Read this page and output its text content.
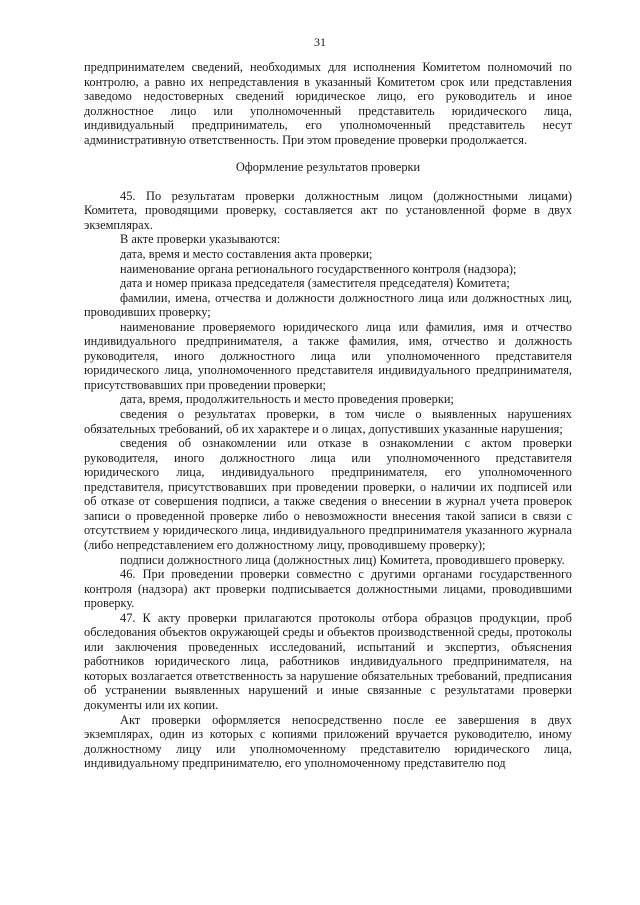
31

предпринимателем сведений, необходимых для исполнения Комитетом полномочий по контролю, а равно их непредставления в указанный Комитетом срок или представления заведомо недостоверных сведений юридическое лицо, его руководитель и иное должностное лицо или уполномоченный представитель юридического лица, индивидуальный предприниматель, его уполномоченный представитель несут административную ответственность. При этом проведение проверки продолжается.

Оформление результатов проверки

45. По результатам проверки должностным лицом (должностными лицами) Комитета, проводящими проверку, составляется акт по установленной форме в двух экземплярах.

В акте проверки указываются:

дата, время и место составления акта проверки;

наименование органа регионального государственного контроля (надзора);

дата и номер приказа председателя (заместителя председателя) Комитета;

фамилии, имена, отчества и должности должностного лица или должностных лиц, проводивших проверку;

наименование проверяемого юридического лица или фамилия, имя и отчество индивидуального предпринимателя, а также фамилия, имя, отчество и должность руководителя, иного должностного лица или уполномоченного представителя юридического лица, уполномоченного представителя индивидуального предпринимателя, присутствовавших при проведении проверки;

дата, время, продолжительность и место проведения проверки;

сведения о результатах проверки, в том числе о выявленных нарушениях обязательных требований, об их характере и о лицах, допустивших указанные нарушения;

сведения об ознакомлении или отказе в ознакомлении с актом проверки руководителя, иного должностного лица или уполномоченного представителя юридического лица, индивидуального предпринимателя, его уполномоченного представителя, присутствовавших при проведении проверки, о наличии их подписей или об отказе от совершения подписи, а также сведения о внесении в журнал учета проверок записи о проведенной проверке либо о невозможности внесения такой записи в связи с отсутствием у юридического лица, индивидуального предпринимателя указанного журнала (либо непредставлением его должностному лицу, проводившему проверку);

подписи должностного лица (должностных лиц) Комитета, проводившего проверку.

46. При проведении проверки совместно с другими органами государственного контроля (надзора) акт проверки подписывается должностными лицами, проводившими проверку.

47. К акту проверки прилагаются протоколы отбора образцов продукции, проб обследования объектов окружающей среды и объектов производственной среды, протоколы или заключения проведенных исследований, испытаний и экспертиз, объяснения работников юридического лица, работников индивидуального предпринимателя, на которых возлагается ответственность за нарушение обязательных требований, предписания об устранении выявленных нарушений и иные связанные с результатами проверки документы или их копии.

Акт проверки оформляется непосредственно после ее завершения в двух экземплярах, один из которых с копиями приложений вручается руководителю, иному должностному лицу или уполномоченному представителю юридического лица, индивидуальному предпринимателю, его уполномоченному представителю под
